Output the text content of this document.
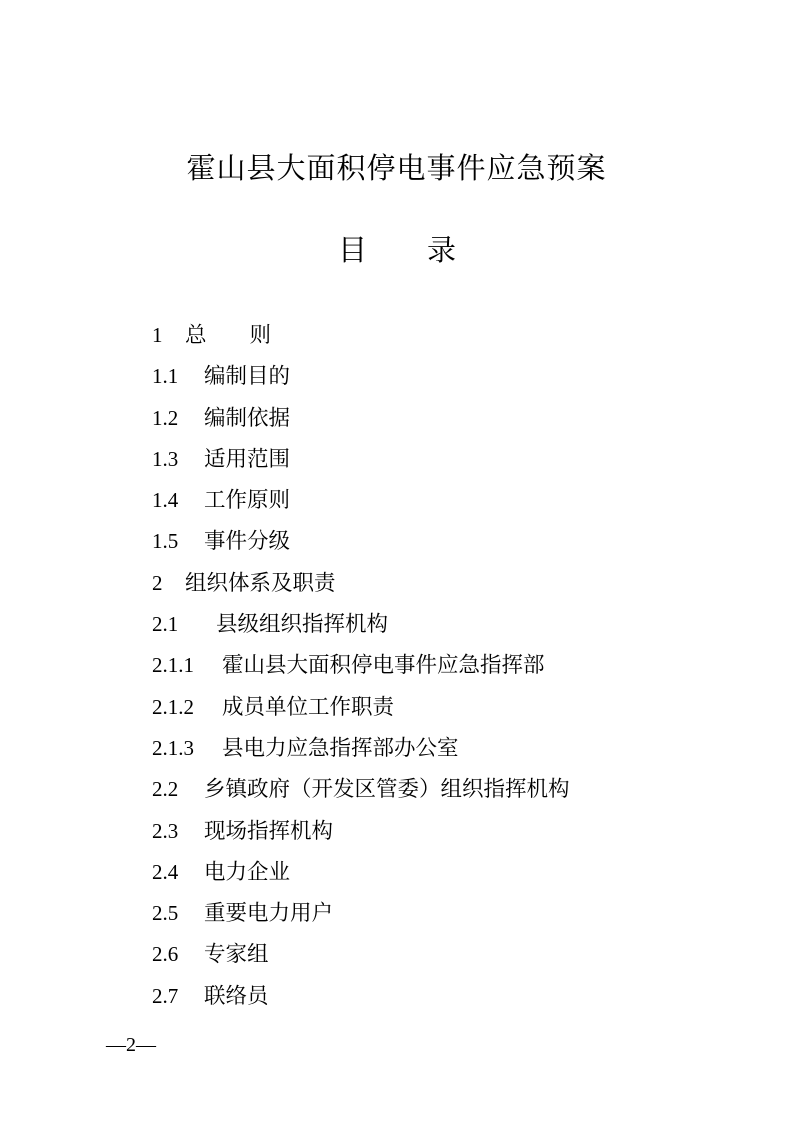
霍山县大面积停电事件应急预案
目 录
1 总　　则
1.1 编制目的
1.2 编制依据
1.3 适用范围
1.4 工作原则
1.5 事件分级
2 组织体系及职责
2.1 县级组织指挥机构
2.1.1 霍山县大面积停电事件应急指挥部
2.1.2 成员单位工作职责
2.1.3 县电力应急指挥部办公室
2.2 乡镇政府（开发区管委）组织指挥机构
2.3 现场指挥机构
2.4 电力企业
2.5 重要电力用户
2.6 专家组
2.7 联络员
—2—
